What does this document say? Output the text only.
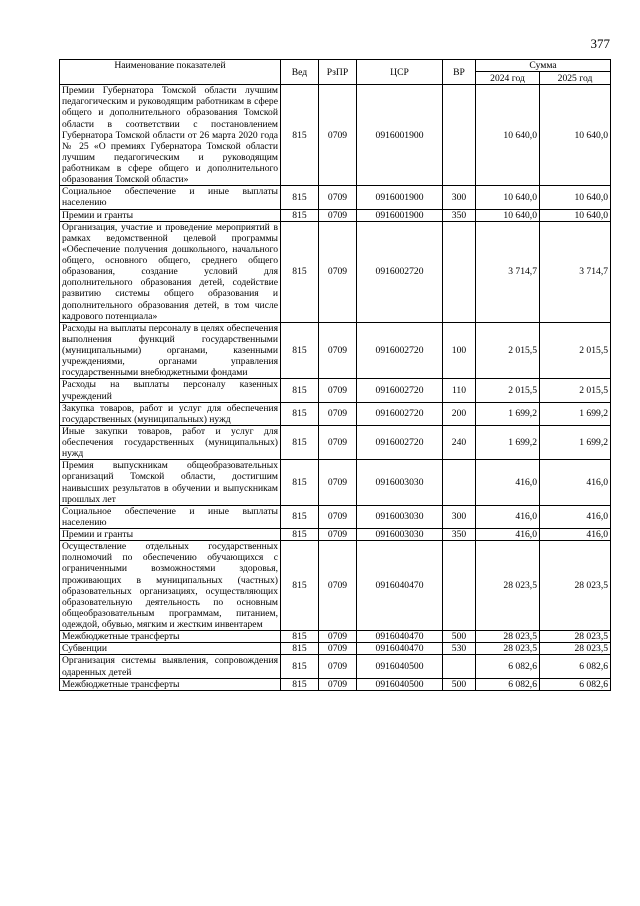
377
Наименование показателей	Вед	РзПР	ЦСР	ВР	Сумма	
					2024 год	2025 год
Премии Губернатора Томской области лучшим педагогическим и руководящим работникам в сфере общего и дополнительного образования Томской области в соответствии с постановлением Губернатора Томской области от 26 марта 2020 года № 25 «О премиях Губернатора Томской области лучшим педагогическим и руководящим работникам в сфере общего и дополнительного образования Томской области»	815	0709	0916001900		10 640,0	10 640,0
Социальное обеспечение и иные выплаты населению	815	0709	0916001900	300	10 640,0	10 640,0
Премии и гранты	815	0709	0916001900	350	10 640,0	10 640,0
Организация, участие и проведение мероприятий в рамках ведомственной целевой программы «Обеспечение получения дошкольного, начального общего, основного общего, среднего общего образования, создание условий для дополнительного образования детей, содействие развитию системы общего образования и дополнительного образования детей, в том числе кадрового потенциала»	815	0709	0916002720		3 714,7	3 714,7
Расходы на выплаты персоналу в целях обеспечения выполнения функций государственными (муниципальными) органами, казенными учреждениями, органами управления государственными внебюджетными фондами	815	0709	0916002720	100	2 015,5	2 015,5
Расходы на выплаты персоналу казенных учреждений	815	0709	0916002720	110	2 015,5	2 015,5
Закупка товаров, работ и услуг для обеспечения государственных (муниципальных) нужд	815	0709	0916002720	200	1 699,2	1 699,2
Иные закупки товаров, работ и услуг для обеспечения государственных (муниципальных) нужд	815	0709	0916002720	240	1 699,2	1 699,2
Премия выпускникам общеобразовательных организаций Томской области, достигшим наивысших результатов в обучении и выпускникам прошлых лет	815	0709	0916003030		416,0	416,0
Социальное обеспечение и иные выплаты населению	815	0709	0916003030	300	416,0	416,0
Премии и гранты	815	0709	0916003030	350	416,0	416,0
Осуществление отдельных государственных полномочий по обеспечению обучающихся с ограниченными возможностями здоровья, проживающих в муниципальных (частных) образовательных организациях, осуществляющих образовательную деятельность по основным общеобразовательным программам, питанием, одеждой, обувью, мягким и жестким инвентарем	815	0709	0916040470		28 023,5	28 023,5
Межбюджетные трансферты	815	0709	0916040470	500	28 023,5	28 023,5
Субвенции	815	0709	0916040470	530	28 023,5	28 023,5
Организация системы выявления, сопровождения одаренных детей	815	0709	0916040500		6 082,6	6 082,6
Межбюджетные трансферты	815	0709	0916040500	500	6 082,6	6 082,6
